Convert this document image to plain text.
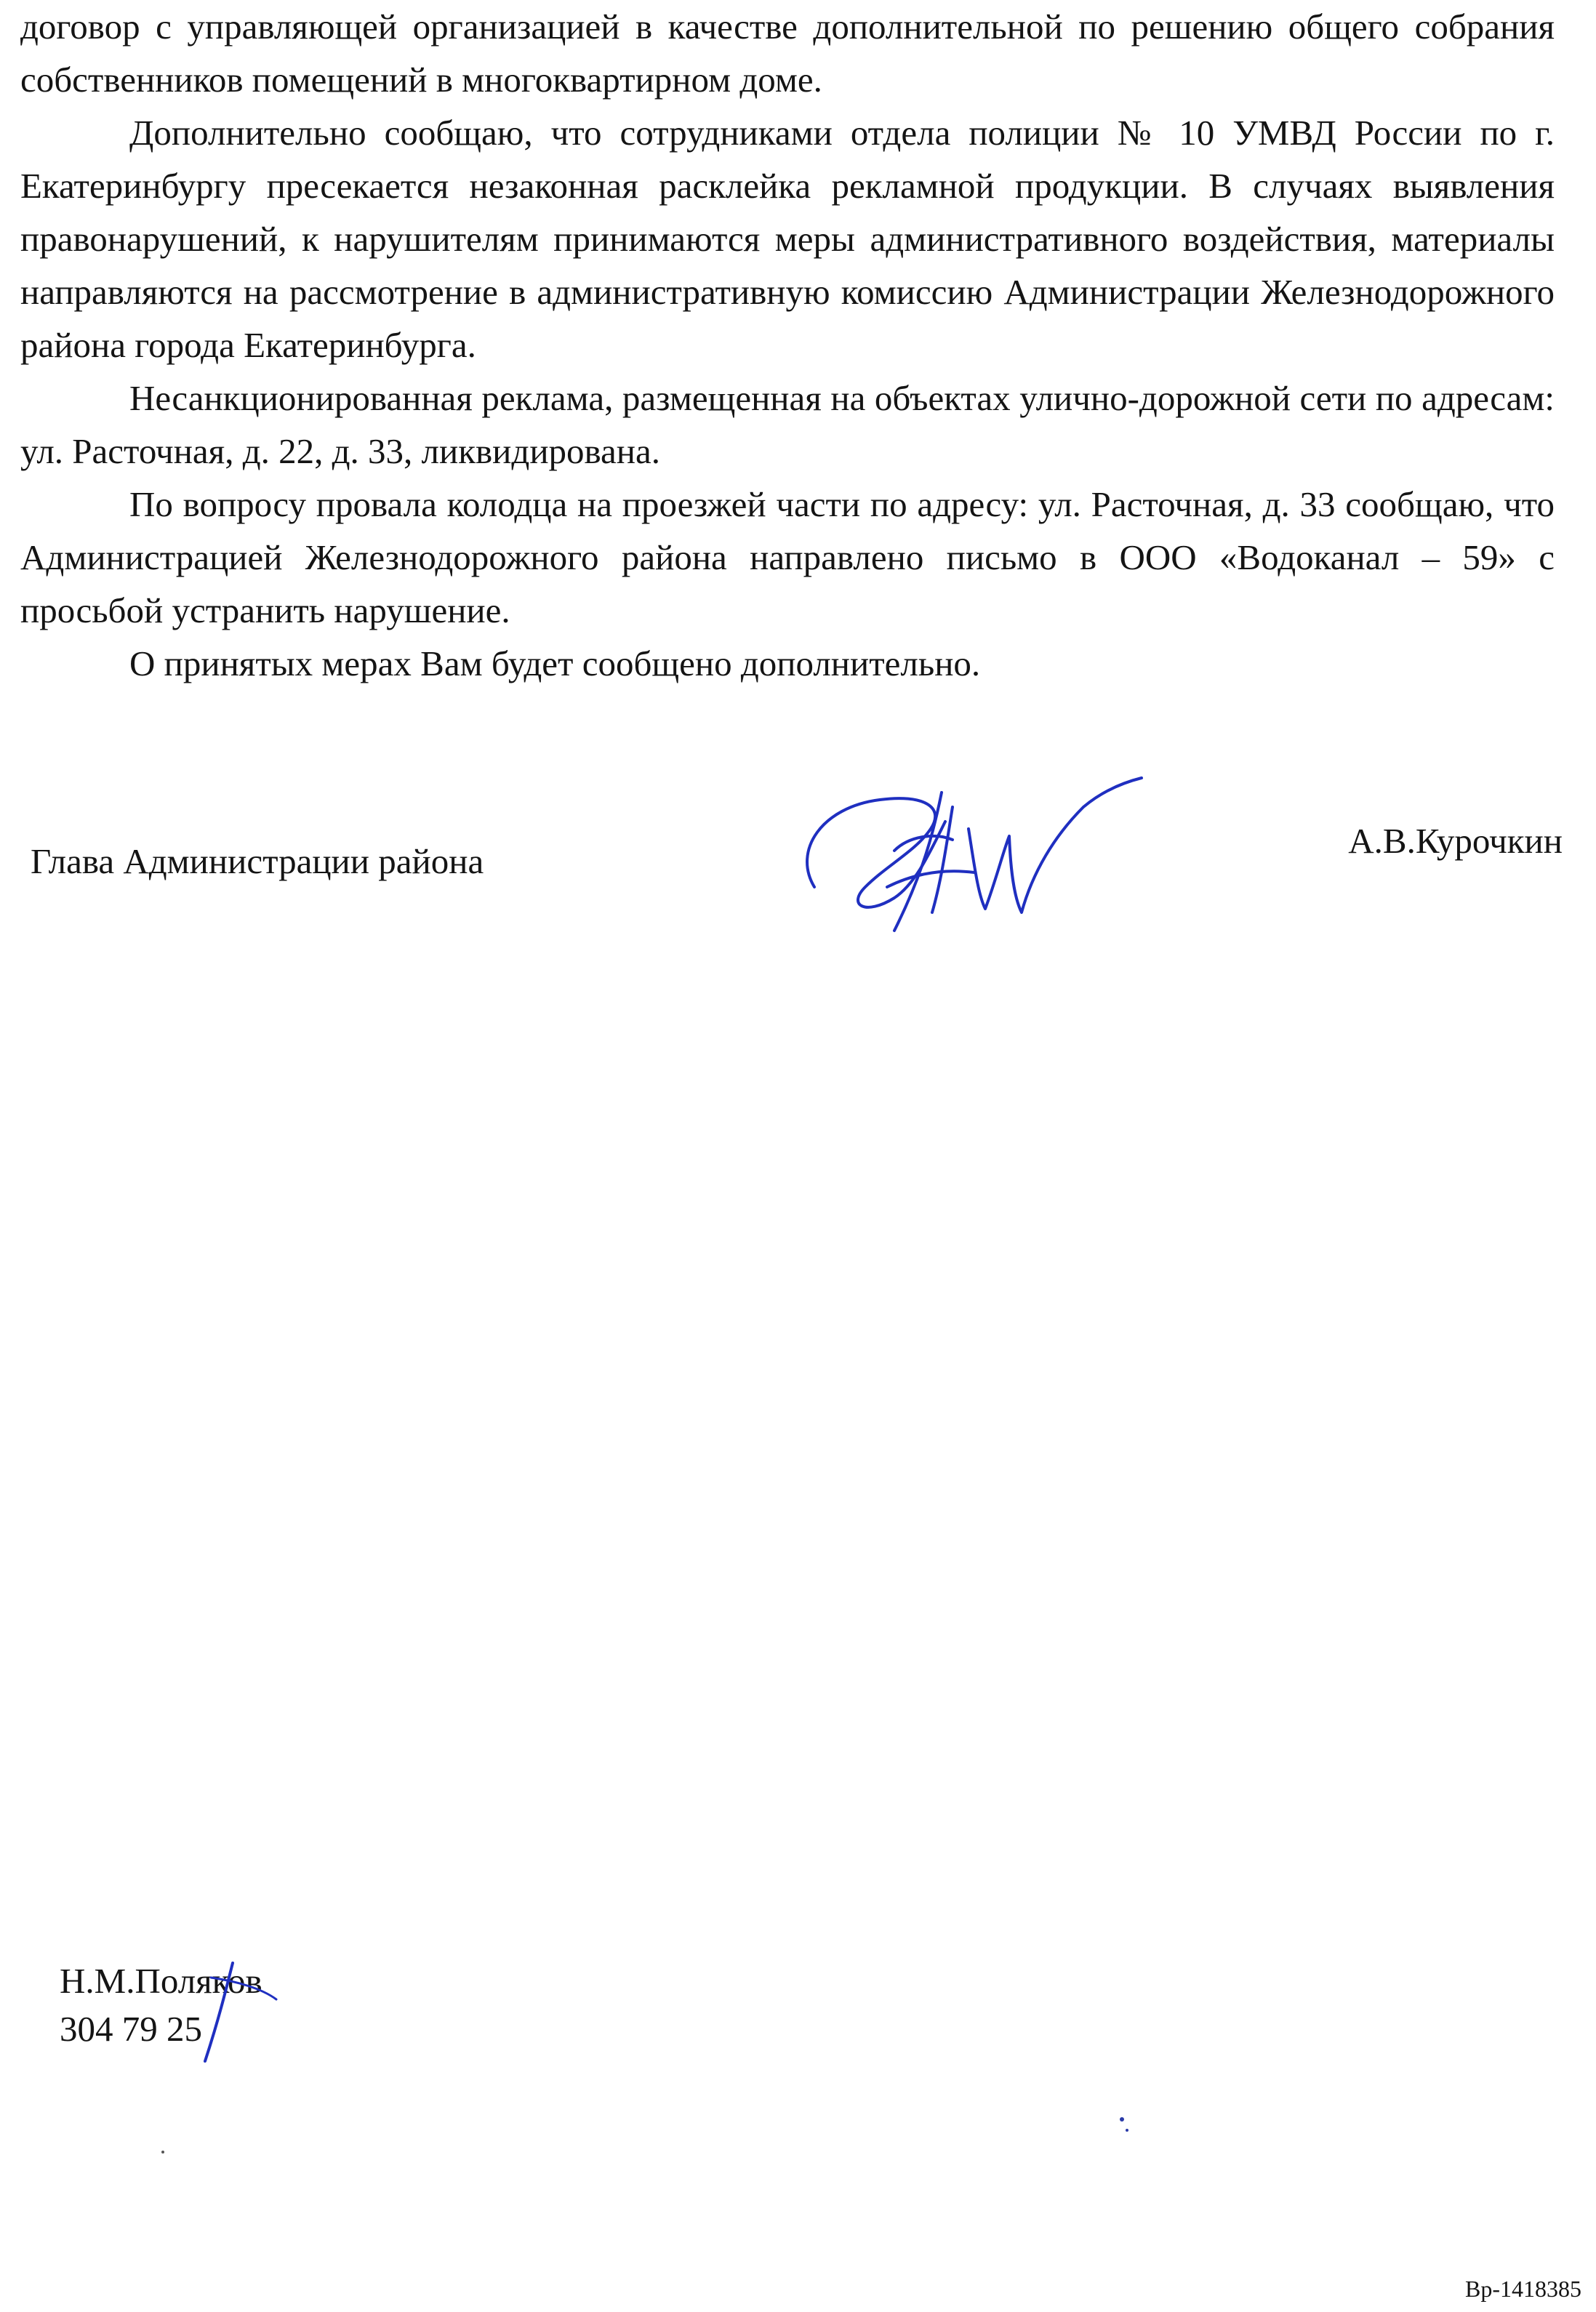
договор с управляющей организацией в качестве дополнительной по решению общего собрания собственников помещений в многоквартирном доме.

Дополнительно сообщаю, что сотрудниками отдела полиции № 10 УМВД России по г. Екатеринбургу пресекается незаконная расклейка рекламной продукции. В случаях выявления правонарушений, к нарушителям принимаются меры административного воздействия, материалы направляются на рассмотрение в административную комиссию Администрации Железнодорожного района города Екатеринбурга.

Несанкционированная реклама, размещенная на объектах улично-дорожной сети по адресам: ул. Расточная, д. 22, д. 33, ликвидирована.

По вопросу провала колодца на проезжей части по адресу: ул. Расточная, д. 33 сообщаю, что Администрацией Железнодорожного района направлено письмо в ООО «Водоканал – 59» с просьбой устранить нарушение.

О принятых мерах Вам будет сообщено дополнительно.

Глава Администрации района
А.В.Курочкин
Н.М.Поляков
304 79 25
Вр-1418385
